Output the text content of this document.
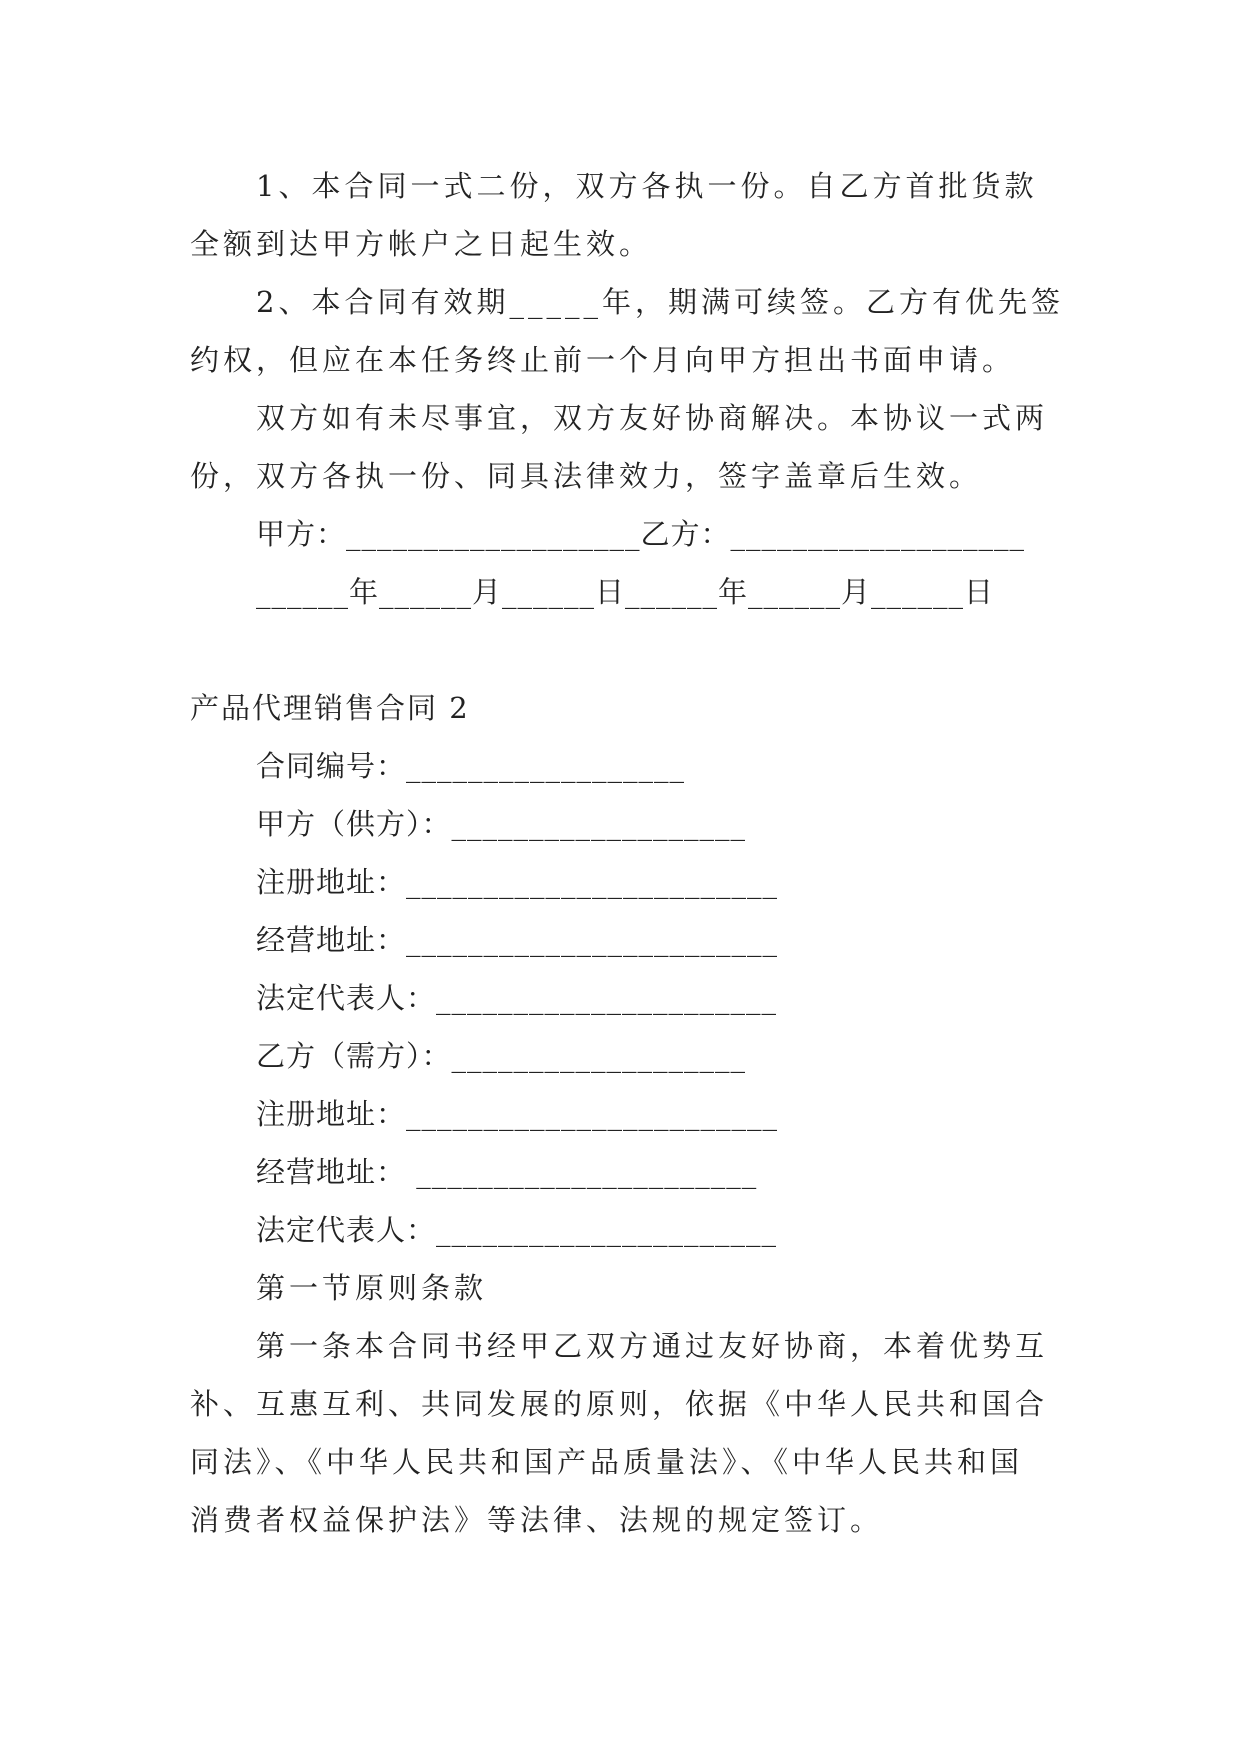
1、本合同一式二份，双方各执一份。自乙方首批货款
全额到达甲方帐户之日起生效。
2、本合同有效期_____年，期满可续签。乙方有优先签
约权，但应在本任务终止前一个月向甲方担出书面申请。
双方如有未尽事宜，双方友好协商解决。本协议一式两
份，双方各执一份、同具法律效力，签字盖章后生效。
甲方：___________________乙方：___________________
______年______月______日______年______月______日
产品代理销售合同 2
合同编号：__________________
甲方（供方）：___________________
注册地址：________________________
经营地址：________________________
法定代表人：______________________
乙方（需方）：___________________
注册地址：________________________
经营地址： ______________________
法定代表人：______________________
第一节原则条款
第一条本合同书经甲乙双方通过友好协商，本着优势互
补、互惠互利、共同发展的原则，依据《中华人民共和国合
同法》、《中华人民共和国产品质量法》、《中华人民共和国
消费者权益保护法》等法律、法规的规定签订。
